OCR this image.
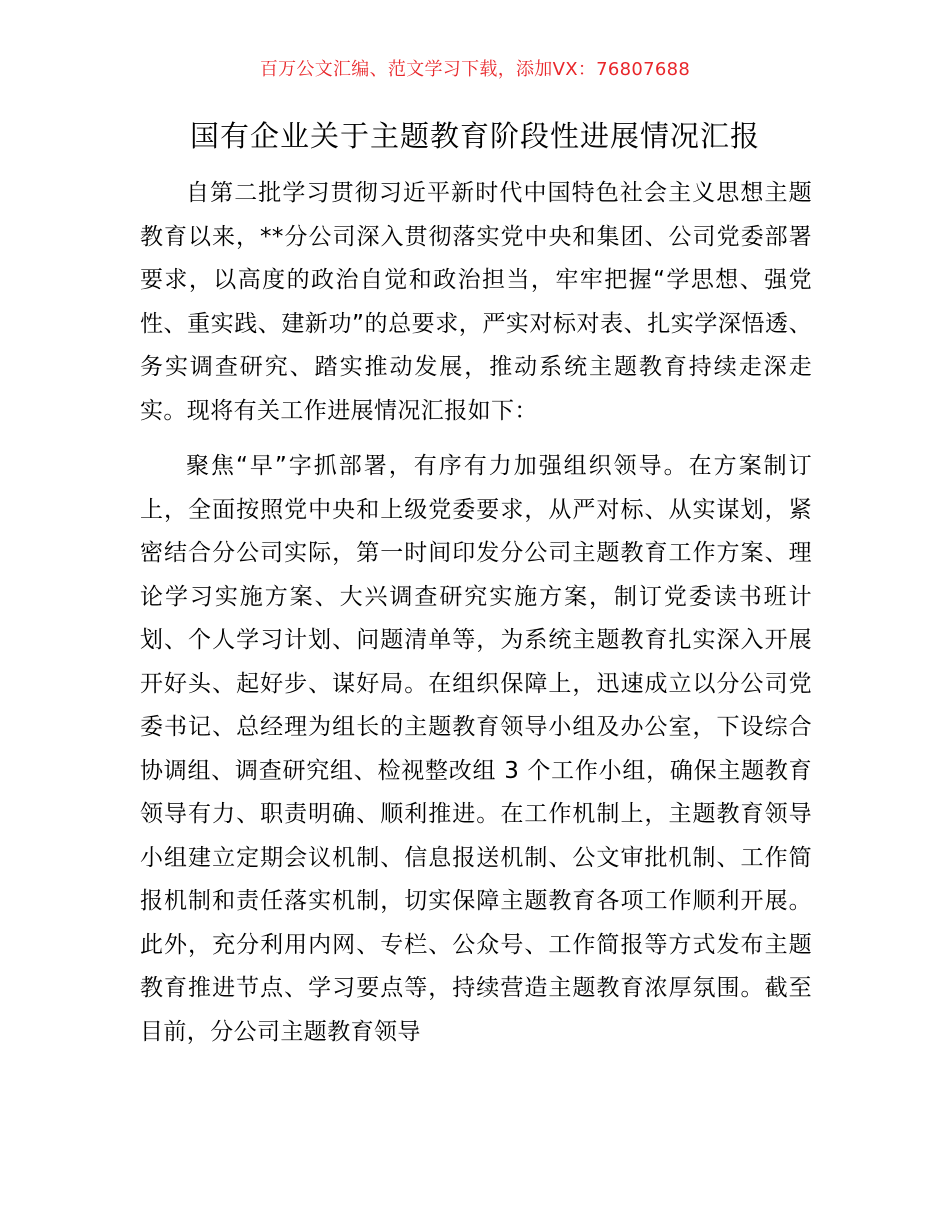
百万公文汇编、范文学习下载，添加VX：76807688
国有企业关于主题教育阶段性进展情况汇报

自第二批学习贯彻习近平新时代中国特色社会主义思想主题教育以来，**分公司深入贯彻落实党中央和集团、公司党委部署要求，以高度的政治自觉和政治担当，牢牢把握“学思想、强党性、重实践、建新功”的总要求，严实对标对表、扎实学深悟透、务实调查研究、踏实推动发展，推动系统主题教育持续走深走实。现将有关工作进展情况汇报如下：

聚焦“早”字抓部署，有序有力加强组织领导。在方案制订上，全面按照党中央和上级党委要求，从严对标、从实谋划，紧密结合分公司实际，第一时间印发分公司主题教育工作方案、理论学习实施方案、大兴调查研究实施方案，制订党委读书班计划、个人学习计划、问题清单等，为系统主题教育扎实深入开展开好头、起好步、谋好局。在组织保障上，迅速成立以分公司党委书记、总经理为组长的主题教育领导小组及办公室，下设综合协调组、调查研究组、检视整改组 3 个工作小组，确保主题教育领导有力、职责明确、顺利推进。在工作机制上，主题教育领导小组建立定期会议机制、信息报送机制、公文审批机制、工作简报机制和责任落实机制，切实保障主题教育各项工作顺利开展。此外，充分利用内网、专栏、公众号、工作简报等方式发布主题教育推进节点、学习要点等，持续营造主题教育浓厚氛围。截至目前，分公司主题教育领导
